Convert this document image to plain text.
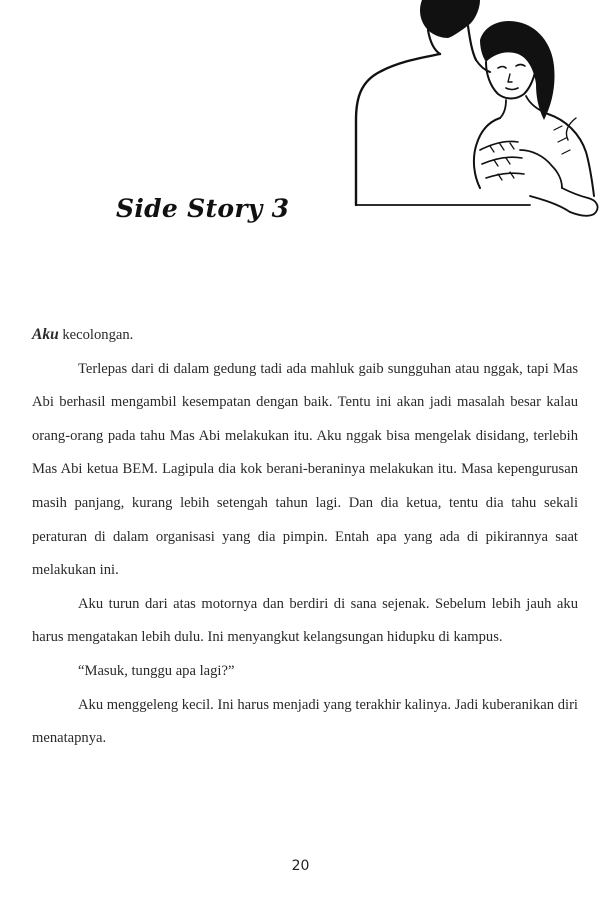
Side Story 3

Aku kecolongan.

Terlepas dari di dalam gedung tadi ada mahluk gaib sungguhan atau nggak, tapi Mas Abi berhasil mengambil kesempatan dengan baik. Tentu ini akan jadi masalah besar kalau orang-orang pada tahu Mas Abi melakukan itu. Aku nggak bisa mengelak disidang, terlebih Mas Abi ketua BEM. Lagipula dia kok berani-beraninya melakukan itu. Masa kepengurusan masih panjang, kurang lebih setengah tahun lagi. Dan dia ketua, tentu dia tahu sekali peraturan di dalam organisasi yang dia pimpin. Entah apa yang ada di pikirannya saat melakukan ini.

Aku turun dari atas motornya dan berdiri di sana sejenak. Sebelum lebih jauh aku harus mengatakan lebih dulu. Ini menyangkut kelangsungan hidupku di kampus.

“Masuk, tunggu apa lagi?”

Aku menggeleng kecil. Ini harus menjadi yang terakhir kalinya. Jadi kuberanikan diri menatapnya.

20
